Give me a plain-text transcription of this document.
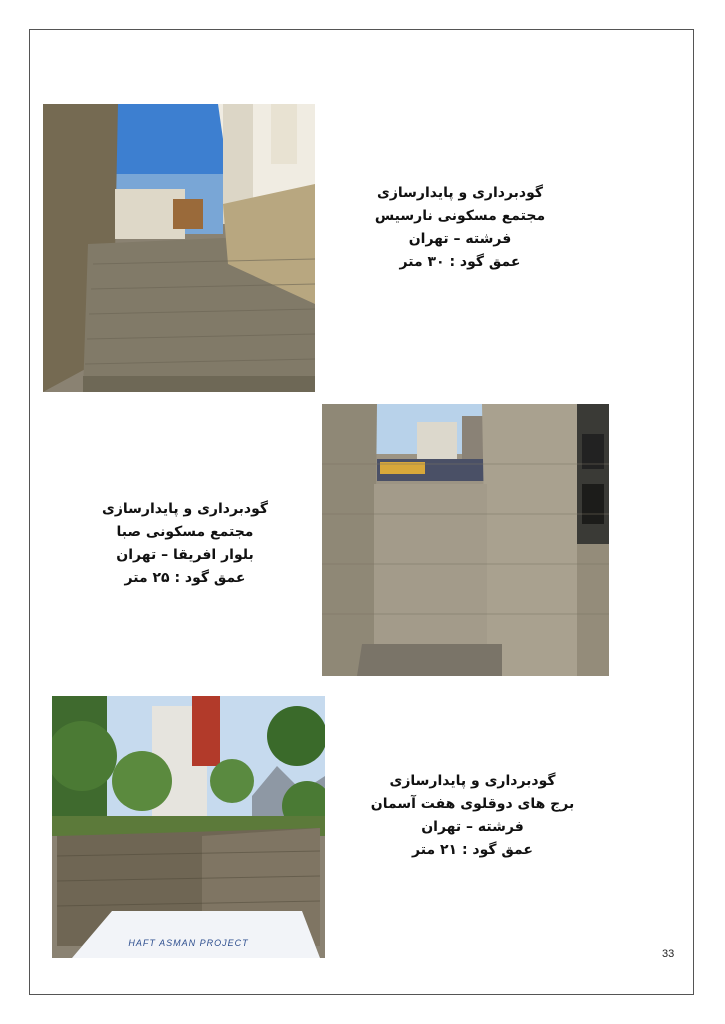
گودبرداری و پایدارسازی
مجتمع مسکونی نارسیس
فرشته – تهران
عمق گود : ۳۰ متر
گودبرداری و پایدارسازی
مجتمع مسکونی صبا
بلوار افریقا – تهران
عمق گود : ۲۵ متر
HAFT ASMAN PROJECT
گودبرداری و پایدارسازی
برج های دوقلوی هفت آسمان
فرشته – تهران
عمق گود : ۲۱ متر
33
